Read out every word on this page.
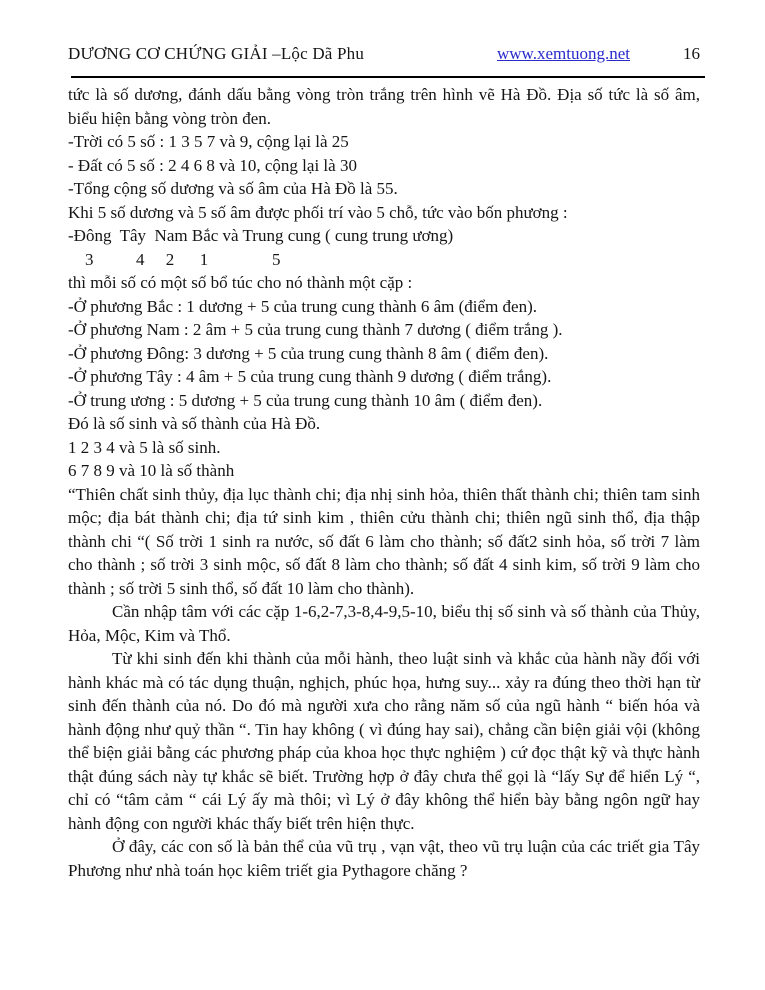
DƯƠNG CƠ CHỨNG GIẢI –Lộc Dã Phu	www.xemtuong.net	16
tức là số dương, đánh dấu bằng vòng tròn trắng trên hình vẽ Hà Đồ. Địa số tức là số âm, biểu hiện bằng vòng tròn đen.
-Trời có 5 số : 1 3 5 7 và 9, cộng lại là 25
- Đất có 5 số : 2 4 6 8 và 10, cộng lại là 30
-Tổng cộng số dương và số âm của Hà Đồ là 55.
Khi 5 số dương và 5 số âm được phối trí vào 5 chỗ, tức vào bốn phương :
-Đông  Tây  Nam Bắc và Trung cung ( cung trung ương)
3          4     2      1               5
thì mỗi số có một số bổ túc cho nó thành một cặp :
-Ở phương Bắc : 1 dương + 5 của trung cung thành 6 âm (điểm đen).
-Ở phương Nam : 2 âm + 5 của trung cung thành 7 dương ( điểm trắng ).
-Ở phương Đông: 3 dương + 5 của trung cung thành 8 âm ( điểm đen).
-Ở phương Tây : 4 âm + 5 của trung cung thành 9 dương ( điểm trắng).
-Ở trung ương : 5 dương + 5 của trung cung thành 10 âm ( điểm đen).
Đó là số sinh và số thành của Hà Đồ.
1 2 3 4 và 5 là số sinh.
6 7 8 9 và 10 là số thành
“Thiên chất sinh thủy, địa lục thành chi; địa nhị sinh hỏa, thiên thất thành chi; thiên tam sinh mộc; địa bát thành chi; địa tứ sinh kim , thiên cửu thành chi; thiên ngũ sinh thổ, địa thập thành chi “( Số trời 1 sinh ra nước, số đất 6 làm cho thành; số đất2 sinh hỏa, số trời 7 làm cho thành ; số trời 3 sinh mộc, số đất 8 làm cho thành; số đất 4 sinh kim, số trời 9 làm cho thành ; số trời 5 sinh thổ, số đất 10 làm cho thành).
Cần nhập tâm với các cặp 1-6,2-7,3-8,4-9,5-10, biểu thị số sinh và số thành của Thủy, Hỏa, Mộc, Kim và Thổ.
Từ khi sinh đến khi thành của mỗi hành, theo luật sinh và khắc của hành nầy đối với hành khác mà có tác dụng thuận, nghịch, phúc họa, hưng suy... xảy ra đúng theo thời hạn từ sinh đến thành của nó. Do đó mà người xưa cho rằng năm số của ngũ hành “ biến hóa và hành động như quỷ thần “. Tin hay không ( vì đúng hay sai), chẳng cần biện giải vội (không thể biện giải bằng các phương pháp của khoa học thực nghiệm ) cứ đọc thật kỹ và thực hành thật đúng sách này tự khắc sẽ biết. Trường hợp ở đây chưa thể gọi là “lấy Sự để hiển Lý “, chỉ có “tâm cảm “ cái Lý ấy mà thôi; vì Lý ở đây không thể hiển bày bằng ngôn ngữ hay hành động con người khác thấy biết trên hiện thực.
Ở đây, các con số là bản thể của vũ trụ , vạn vật, theo vũ trụ luận của các triết gia Tây Phương như nhà toán học kiêm triết gia Pythagore chăng ?
